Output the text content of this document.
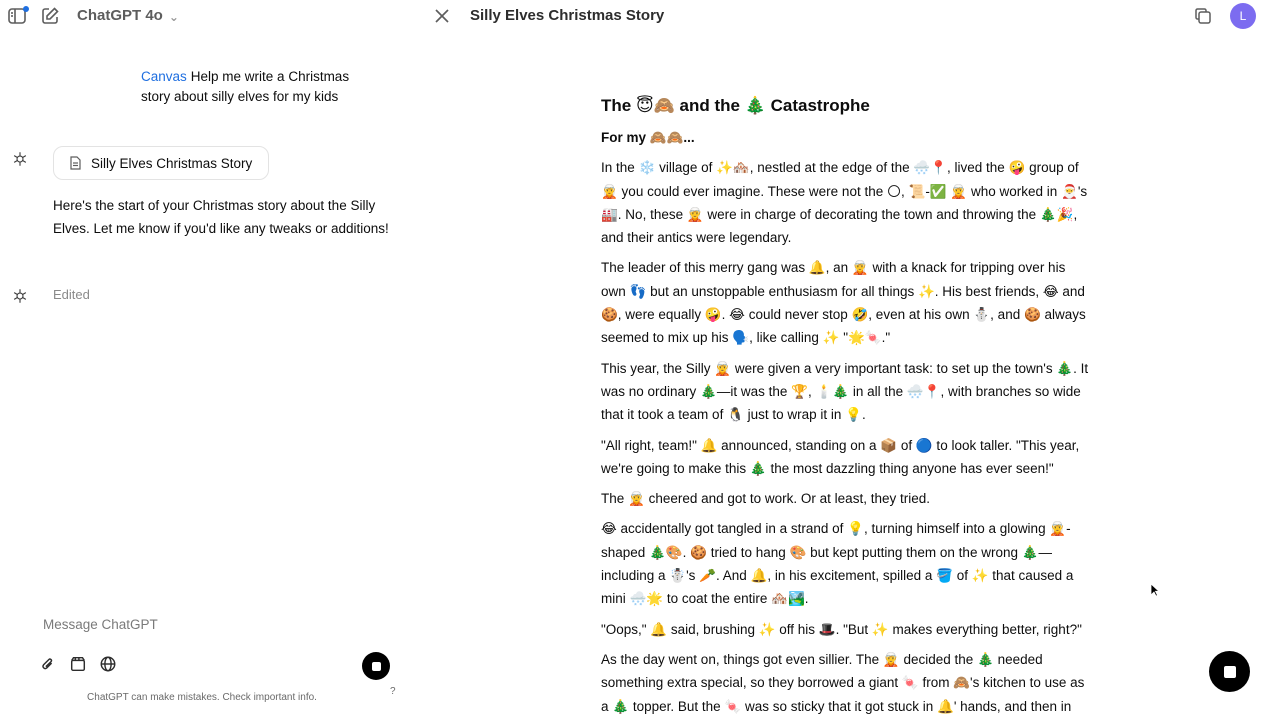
ChatGPT 4o ⌄
Canvas Help me write a Christmas story about silly elves for my kids
Silly Elves Christmas Story
Here's the start of your Christmas story about the Silly Elves. Let me know if you'd like any tweaks or additions!
Edited
Message ChatGPT
ChatGPT can make mistakes. Check important info.
?
Silly Elves Christmas Story	L
The 😇🙈 and the 🎄 Catastrophe
For my 🙈🙈...

In the ❄️ village of ✨🏘️, nestled at the edge of the 🌨️📍, lived the 🤪 group of 🧝 you could ever imagine. These were not the 🌕, 📜-✅ 🧝 who worked in 🎅's 🏭. No, these 🧝 were in charge of decorating the town and throwing the 🎄🎉, and their antics were legendary.

The leader of this merry gang was 🔔, an 🧝 with a knack for tripping over his own 👣 but an unstoppable enthusiasm for all things ✨. His best friends, 😂 and 🍪, were equally 🤪. 😂 could never stop 🤣, even at his own ⛄, and 🍪 always seemed to mix up his 🗣️, like calling ✨ "🌟🍬."

This year, the Silly 🧝 were given a very important task: to set up the town's 🎄. It was no ordinary 🎄—it was the 🏆, 🕯️🎄 in all the 🌨️📍, with branches so wide that it took a team of 🐧 just to wrap it in 💡.

"All right, team!" 🔔 announced, standing on a 📦 of 🔵 to look taller. "This year, we're going to make this 🎄 the most dazzling thing anyone has ever seen!"

The 🧝 cheered and got to work. Or at least, they tried.

😂 accidentally got tangled in a strand of 💡, turning himself into a glowing 🧝-shaped 🎄🎨. 🍪 tried to hang 🎨 but kept putting them on the wrong 🎄—including a ☃️'s 🥕. And 🔔, in his excitement, spilled a 🪣 of ✨ that caused a mini 🌨️🌟 to coat the entire 🏘️🏞️.

"Oops," 🔔 said, brushing ✨ off his 🎩. "But ✨ makes everything better, right?"

As the day went on, things got even sillier. The 🧝 decided the 🎄 needed something extra special, so they borrowed a giant 🍬 from 🙈's kitchen to use as a 🎄 topper. But the 🍬 was so sticky that it got stuck in 🔔' hands, and then in
